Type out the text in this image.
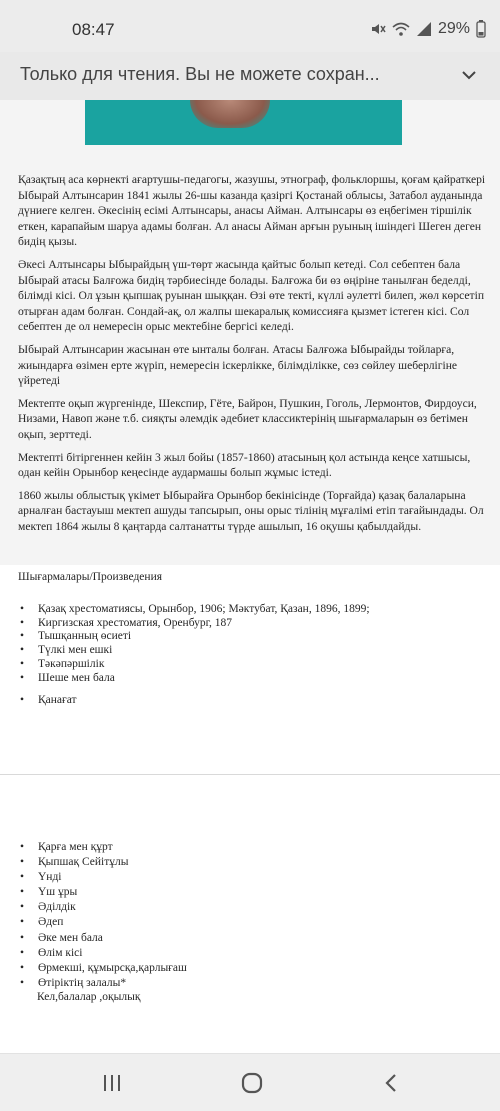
08:47	29%
Только для чтения. Вы не можете сохран...

Қазақтың аса көрнекті ағартушы-педагогы, жазушы, этнограф, фольклоршы, қоғам қайраткері Ыбырай Алтынсарин 1841 жылы 26-шы казанда қазіргі Қостанай облысы, Затабол ауданында дүниеге келген. Әкесінің есімі Алтынсары, анасы Айман. Алтынсары өз еңбегімен тіршілік еткен, карапайым шаруа адамы болған. Ал анасы Айман арғын руының ішіндегі Шеген деген бидің қызы.

Әкесі Алтынсары Ыбырайдың үш-төрт жасында қайтыс болып кетеді. Сол себептен бала Ыбырай атасы Балғожа бидің тәрбиесінде болады. Балғожа би өз өңіріне танылған беделді, білімді кісі. Ол ұзын қыпшақ руынан шыққан. Өзі өте текті, күллі әулетті билеп, жөл көрсетіп отырған адам болған. Сондай-ақ, ол жалпы шекаралық комиссияға қызмет істеген кісі. Сол себептен де ол немересін орыс мектебіне бергісі келеді.

Ыбырай Алтынсарин жасынан өте ынталы болған. Атасы Балғожа Ыбырайды тойларға, жиындарға өзімен ерте жүріп, немересін іскерлікке, білімділікке, сөз сөйлеу шеберлігіне үйретеді

Мектепте оқып жүргенінде, Шекспир, Гёте, Байрон, Пушкин, Гоголь, Лермонтов, Фирдоуси, Низами, Навоп және т.б. сияқты әлемдік әдебиет классиктерінің шығармаларын өз бетімен оқып, зерттеді.

Мектепті бітіргеннен кейін 3 жыл бойы (1857-1860) атасының қол астында кеңсе хатшысы, одан кейін Орынбор кеңесінде аудармашы болып жұмыс істеді.

1860 жылы облыстық үкімет Ыбырайға Орынбор бекінісінде (Торғайда) қазақ балаларына арналған бастауыш мектеп ашуды тапсырып, оны орыс тілінің мұғалімі етіп тағайындады. Ол мектеп 1864 жылы 8 қаңтарда салтанатты түрде ашылып, 16 оқушы қабылдайды.

Шығармалары/Произведения
• Қазақ хрестоматиясы, Орынбор, 1906; Мәктубат, Қазан, 1896, 1899;
• Киргизская хрестоматия, Оренбург, 187
• Тышқанның өсиеті
• Түлкі мен ешкі
• Тәкәпәршілік
• Шеше мен бала
• Қанағат
• Қарға мен құрт
• Қыпшақ Сейітұлы
• Үнді
• Үш ұры
• Әділдік
• Әдеп
• Әке мен бала
• Өлім кісі
• Өрмекші, құмырсқа,қарлығаш
• Өтіріктің залалы*
Кел,балалар ,оқылық
